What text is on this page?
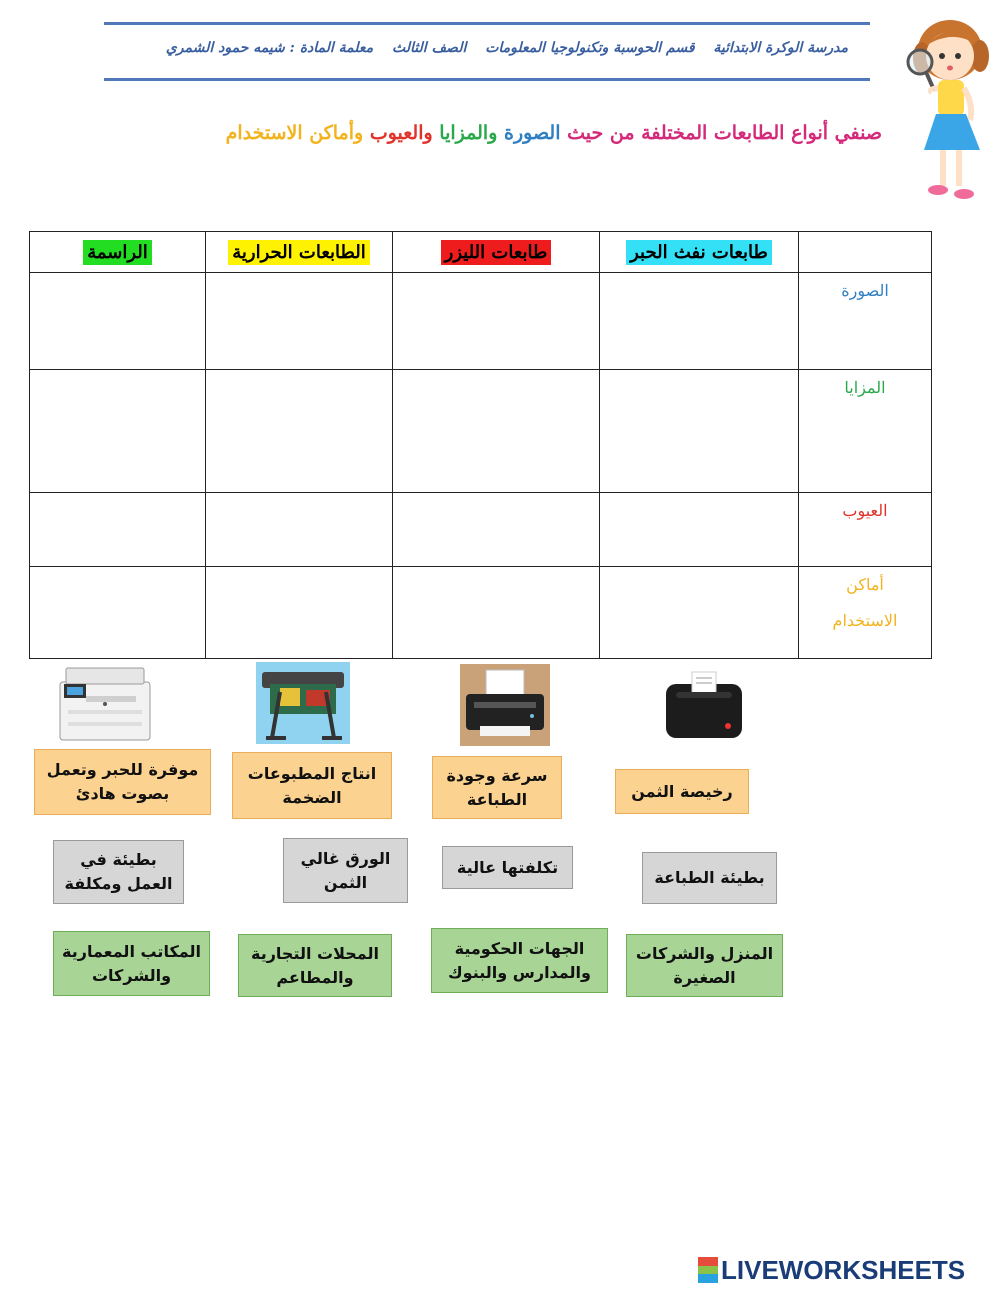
مدرسة الوكرة الابتدائية قسم الحوسبة وتكنولوجيا المعلومات الصف الثالث معلمة المادة : شيمه حمود الشمري
صنفي أنواع الطابعات المختلفة من حيث الصورة والمزايا والعيوب وأماكن الاستخدام
الراسمة	الطابعات الحرارية	طابعات الليزر	طابعات نفث الحبر	
				الصورة
				المزايا
				العيوب

				أماكن
الاستخدام
موفرة للحبر وتعمل بصوت هادئ
انتاج المطبوعات الضخمة
سرعة وجودة الطباعة	رخيصة الثمن
بطيئة في العمل ومكلفة
الورق غالي الثمن
تكلفتها عالية
بطيئة الطباعة
المكاتب المعمارية والشركات
المحلات التجارية والمطاعم
الجهات الحكومية والمدارس والبنوك
المنزل والشركات الصغيرة
LIVEWORKSHEETS
